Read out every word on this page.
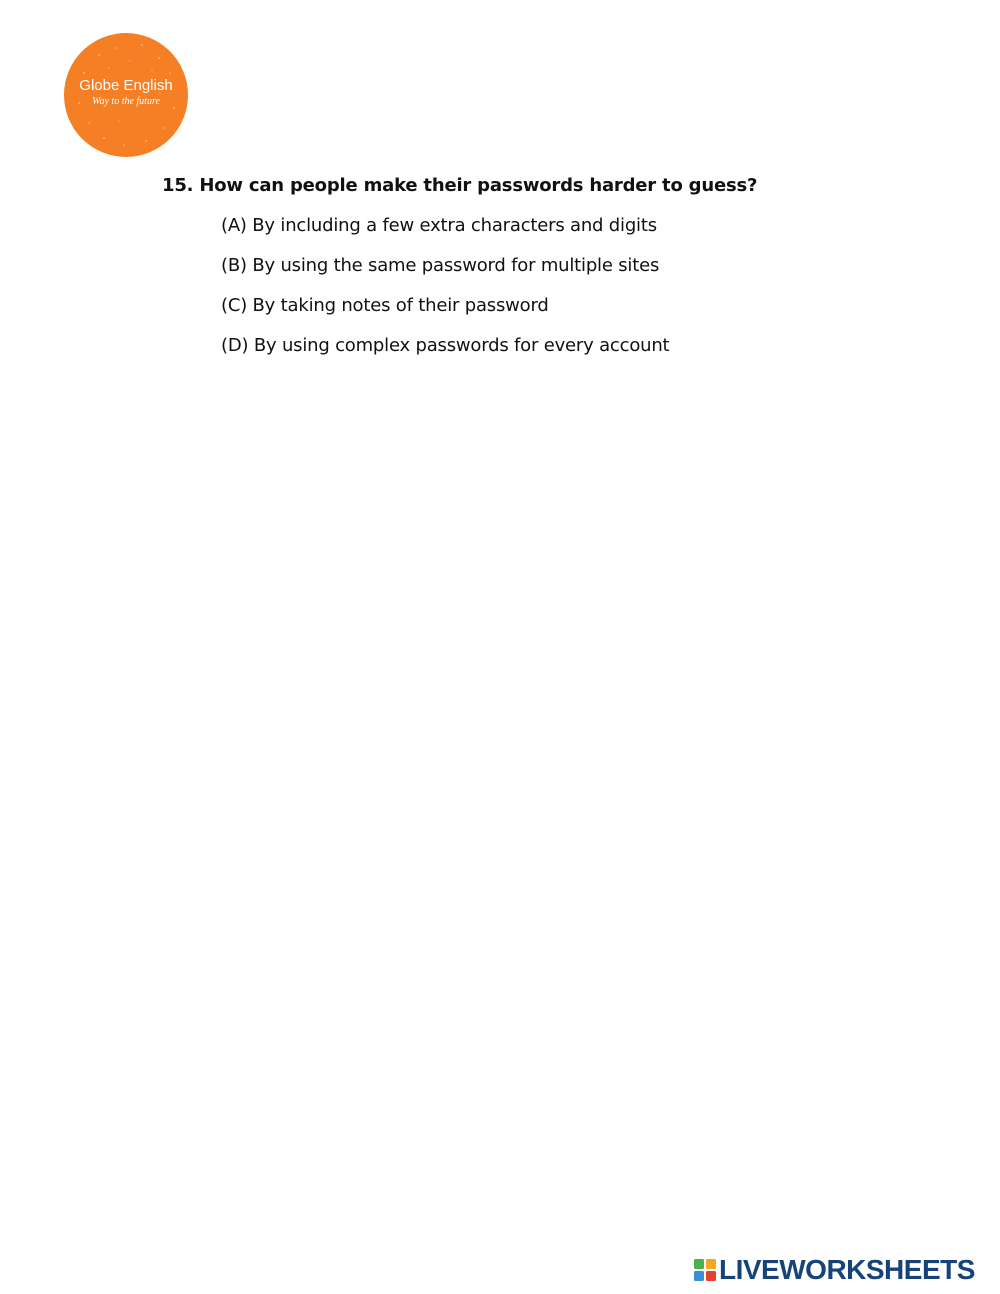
Globe English
Way to the future
15. How can people make their passwords harder to guess?
(A) By including a few extra characters and digits
(B) By using the same password for multiple sites
(C) By taking notes of their password
(D) By using complex passwords for every account
LIVEWORKSHEETS
